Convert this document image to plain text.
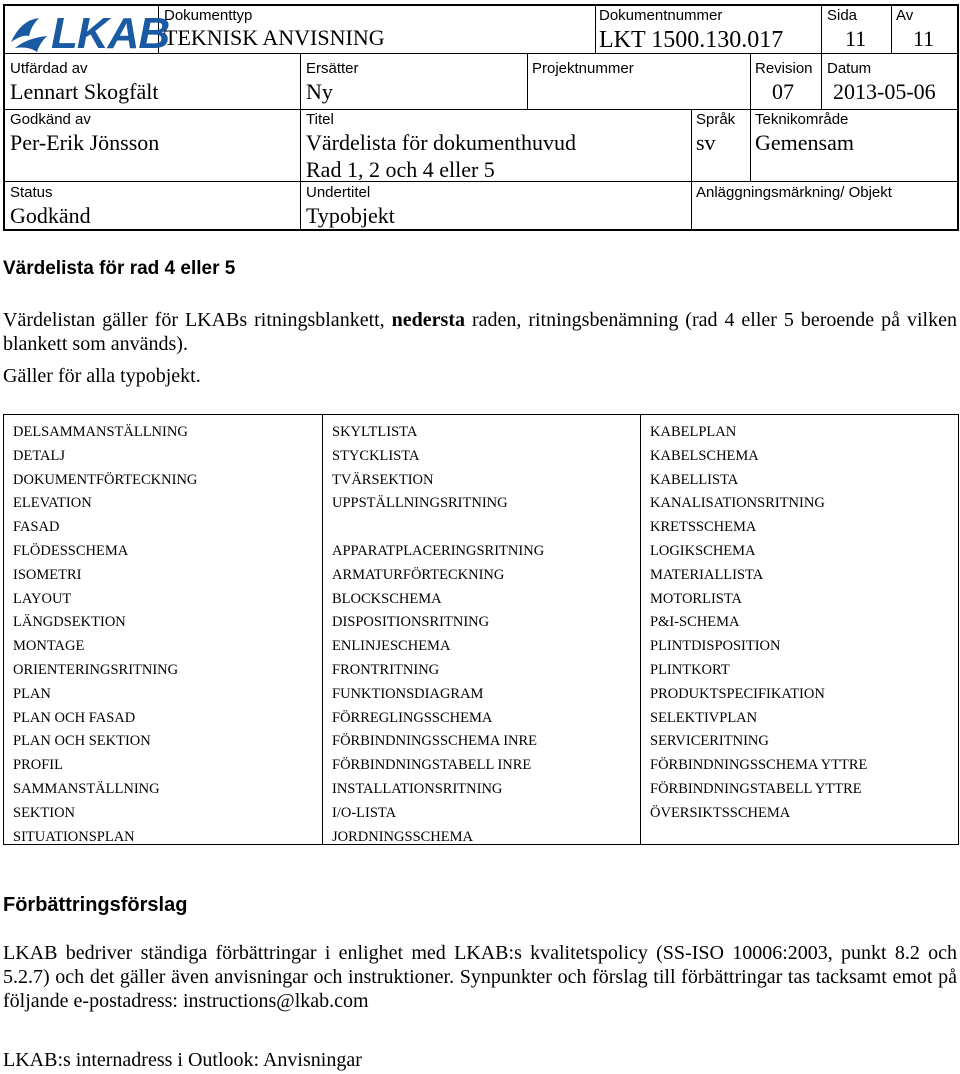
LKAB
Dokumenttyp
TEKNISK ANVISNING
Dokumentnummer
LKT 1500.130.017
Sida
11
Av
11
Utfärdad av
Lennart Skogfält
Ersätter
Ny
Projektnummer	Revision
07
Datum
2013-05-06
Godkänd av
Per-Erik Jönsson
Titel
Värdelista för dokumenthuvud
Rad 1, 2 och 4 eller 5
Språk
sv
Teknikområde
Gemensam
Status
Godkänd
Undertitel
Typobjekt
Anläggningsmärkning/ Objekt
Värdelista för rad 4 eller 5
Värdelistan gäller för LKABs ritningsblankett, nedersta raden, ritningsbenämning (rad 4 eller 5 beroende på vilken blankett som används).
Gäller för alla typobjekt.
DELSAMMANSTÄLLNING
DETALJ
DOKUMENTFÖRTECKNING
ELEVATION
FASAD
FLÖDESSCHEMA
ISOMETRI
LAYOUT
LÄNGDSEKTION
MONTAGE
ORIENTERINGSRITNING
PLAN
PLAN OCH FASAD
PLAN OCH SEKTION
PROFIL
SAMMANSTÄLLNING
SEKTION
SITUATIONSPLAN
SKYLTLISTA
STYCKLISTA
TVÄRSEKTION
UPPSTÄLLNINGSRITNING
APPARATPLACERINGSRITNING
ARMATURFÖRTECKNING
BLOCKSCHEMA
DISPOSITIONSRITNING
ENLINJESCHEMA
FRONTRITNING
FUNKTIONSDIAGRAM
FÖRREGLINGSSCHEMA
FÖRBINDNINGSSCHEMA INRE
FÖRBINDNINGSTABELL INRE
INSTALLATIONSRITNING
I/O-LISTA
JORDNINGSSCHEMA
KABELPLAN
KABELSCHEMA
KABELLISTA
KANALISATIONSRITNING
KRETSSCHEMA
LOGIKSCHEMA
MATERIALLISTA
MOTORLISTA
P&I-SCHEMA
PLINTDISPOSITION
PLINTKORT
PRODUKTSPECIFIKATION
SELEKTIVPLAN
SERVICERITNING
FÖRBINDNINGSSCHEMA YTTRE
FÖRBINDNINGSTABELL YTTRE
ÖVERSIKTSSCHEMA
Förbättringsförslag
LKAB bedriver ständiga förbättringar i enlighet med LKAB:s kvalitetspolicy (SS-ISO 10006:2003, punkt 8.2 och 5.2.7) och det gäller även anvisningar och instruktioner. Synpunkter och förslag till förbättringar tas tacksamt emot på följande e-postadress: instructions@lkab.com
LKAB:s internadress i Outlook: Anvisningar
